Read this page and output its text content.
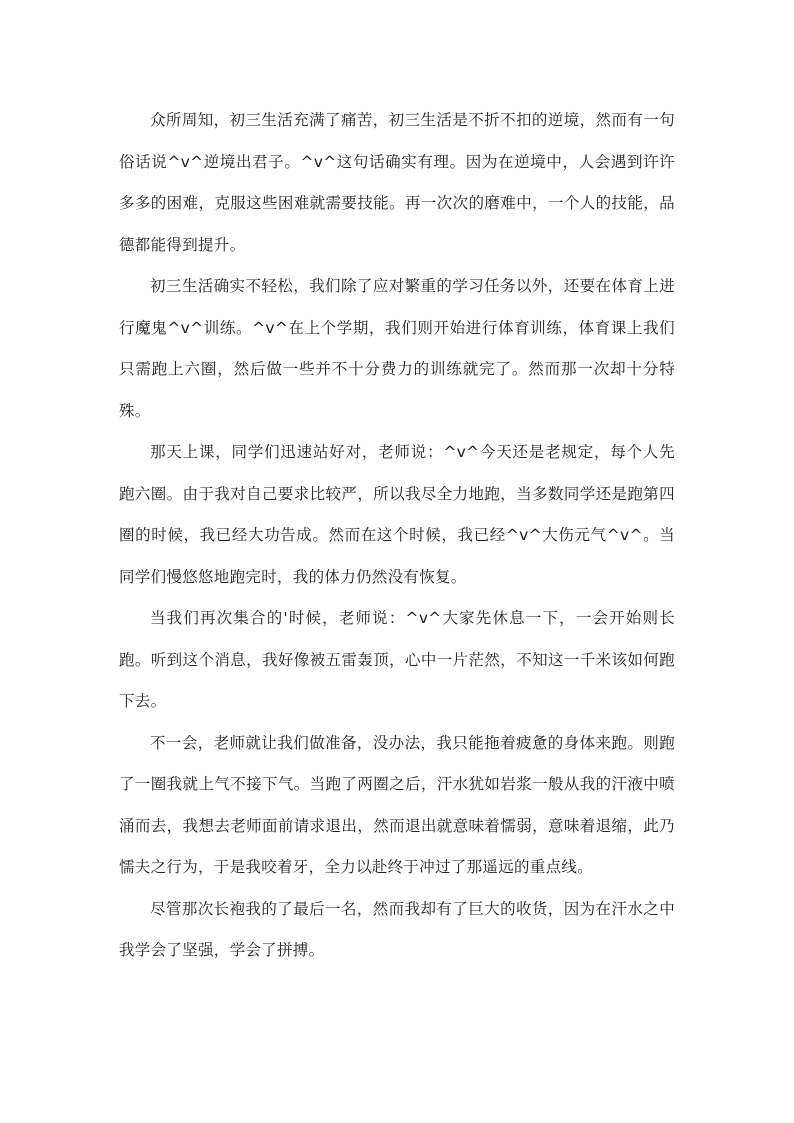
众所周知，初三生活充满了痛苦，初三生活是不折不扣的逆境，然而有一句俗话说^v^逆境出君子。^v^这句话确实有理。因为在逆境中，人会遇到许许多多的困难，克服这些困难就需要技能。再一次次的磨难中，一个人的技能，品德都能得到提升。

初三生活确实不轻松，我们除了应对繁重的学习任务以外，还要在体育上进行魔鬼^v^训练。^v^在上个学期，我们则开始进行体育训练，体育课上我们只需跑上六圈，然后做一些并不十分费力的训练就完了。然而那一次却十分特殊。

那天上课，同学们迅速站好对，老师说：^v^今天还是老规定，每个人先跑六圈。由于我对自己要求比较严，所以我尽全力地跑，当多数同学还是跑第四圈的时候，我已经大功告成。然而在这个时候，我已经^v^大伤元气^v^。当同学们慢悠悠地跑完时，我的体力仍然没有恢复。

当我们再次集合的'时候，老师说：^v^大家先休息一下，一会开始则长跑。听到这个消息，我好像被五雷轰顶，心中一片茫然，不知这一千米该如何跑下去。

不一会，老师就让我们做准备，没办法，我只能拖着疲惫的身体来跑。则跑了一圈我就上气不接下气。当跑了两圈之后，汗水犹如岩浆一般从我的汗液中喷涌而去，我想去老师面前请求退出，然而退出就意味着懦弱，意味着退缩，此乃懦夫之行为，于是我咬着牙，全力以赴终于冲过了那遥远的重点线。

尽管那次长袍我的了最后一名，然而我却有了巨大的收货，因为在汗水之中我学会了坚强，学会了拼搏。
